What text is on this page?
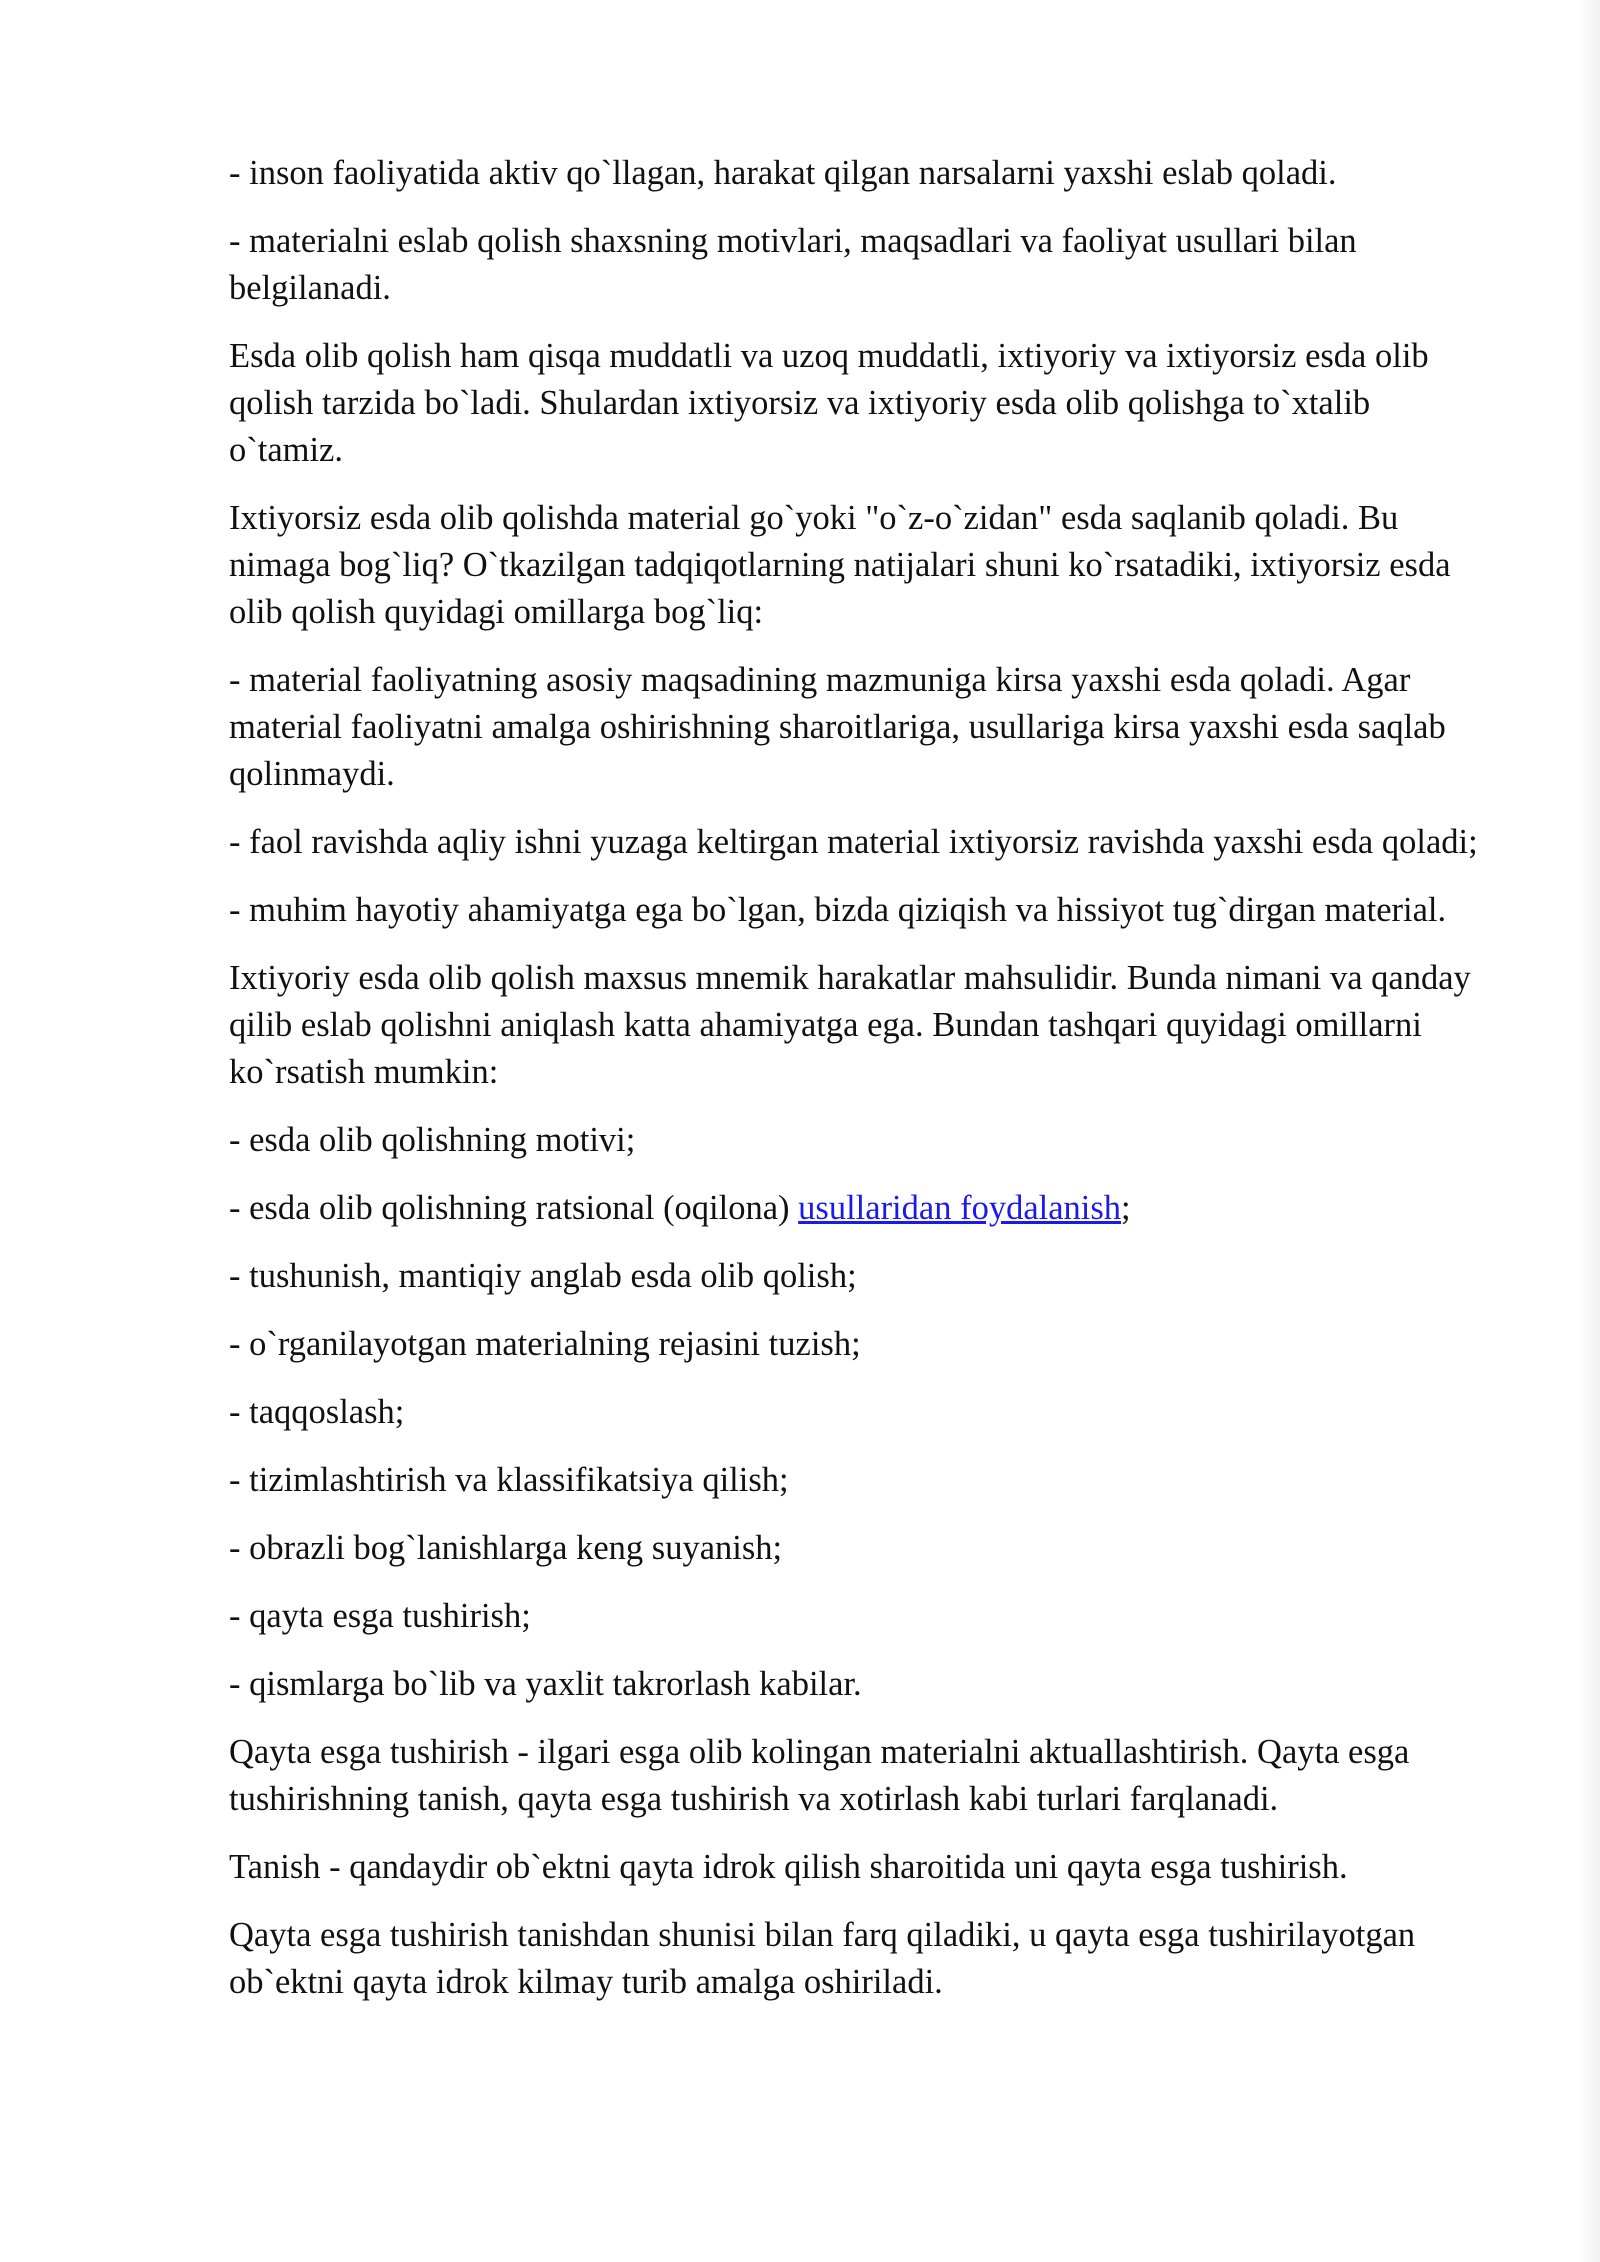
- inson faoliyatida aktiv qo`llagan, harakat qilgan narsalarni yaxshi eslab qoladi.

- materialni eslab qolish shaxsning motivlari, maqsadlari va faoliyat usullari bilan belgilanadi.

Esda olib qolish ham qisqa muddatli va uzoq muddatli, ixtiyoriy va ixtiyorsiz esda olib qolish tarzida bo`ladi. Shulardan ixtiyorsiz va ixtiyoriy esda olib qolishga to`xtalib o`tamiz.

Ixtiyorsiz esda olib qolishda material go`yoki "o`z-o`zidan" esda saqlanib qoladi. Bu nimaga bog`liq? O`tkazilgan tadqiqotlarning natijalari shuni ko`rsatadiki, ixtiyorsiz esda olib qolish quyidagi omillarga bog`liq:

- material faoliyatning asosiy maqsadining mazmuniga kirsa yaxshi esda qoladi. Agar material faoliyatni amalga oshirishning sharoitlariga, usullariga kirsa yaxshi esda saqlab qolinmaydi.

- faol ravishda aqliy ishni yuzaga keltirgan material ixtiyorsiz ravishda yaxshi esda qoladi;

- muhim hayotiy ahamiyatga ega bo`lgan, bizda qiziqish va hissiyot tug`dirgan material.

Ixtiyoriy esda olib qolish maxsus mnemik harakatlar mahsulidir. Bunda nimani va qanday qilib eslab qolishni aniqlash katta ahamiyatga ega. Bundan tashqari quyidagi omillarni ko`rsatish mumkin:

- esda olib qolishning motivi;

- esda olib qolishning ratsional (oqilona) usullaridan foydalanish;

- tushunish, mantiqiy anglab esda olib qolish;

- o`rganilayotgan materialning rejasini tuzish;

- taqqoslash;

- tizimlashtirish va klassifikatsiya qilish;

- obrazli bog`lanishlarga keng suyanish;

- qayta esga tushirish;

- qismlarga bo`lib va yaxlit takrorlash kabilar.

Qayta esga tushirish - ilgari esga olib kolingan materialni aktuallashtirish. Qayta esga tushirishning tanish, qayta esga tushirish va xotirlash kabi turlari farqlanadi.

Tanish - qandaydir ob`ektni qayta idrok qilish sharoitida uni qayta esga tushirish.

Qayta esga tushirish tanishdan shunisi bilan farq qiladiki, u qayta esga tushirilayotgan ob`ektni qayta idrok kilmay turib amalga oshiriladi.
